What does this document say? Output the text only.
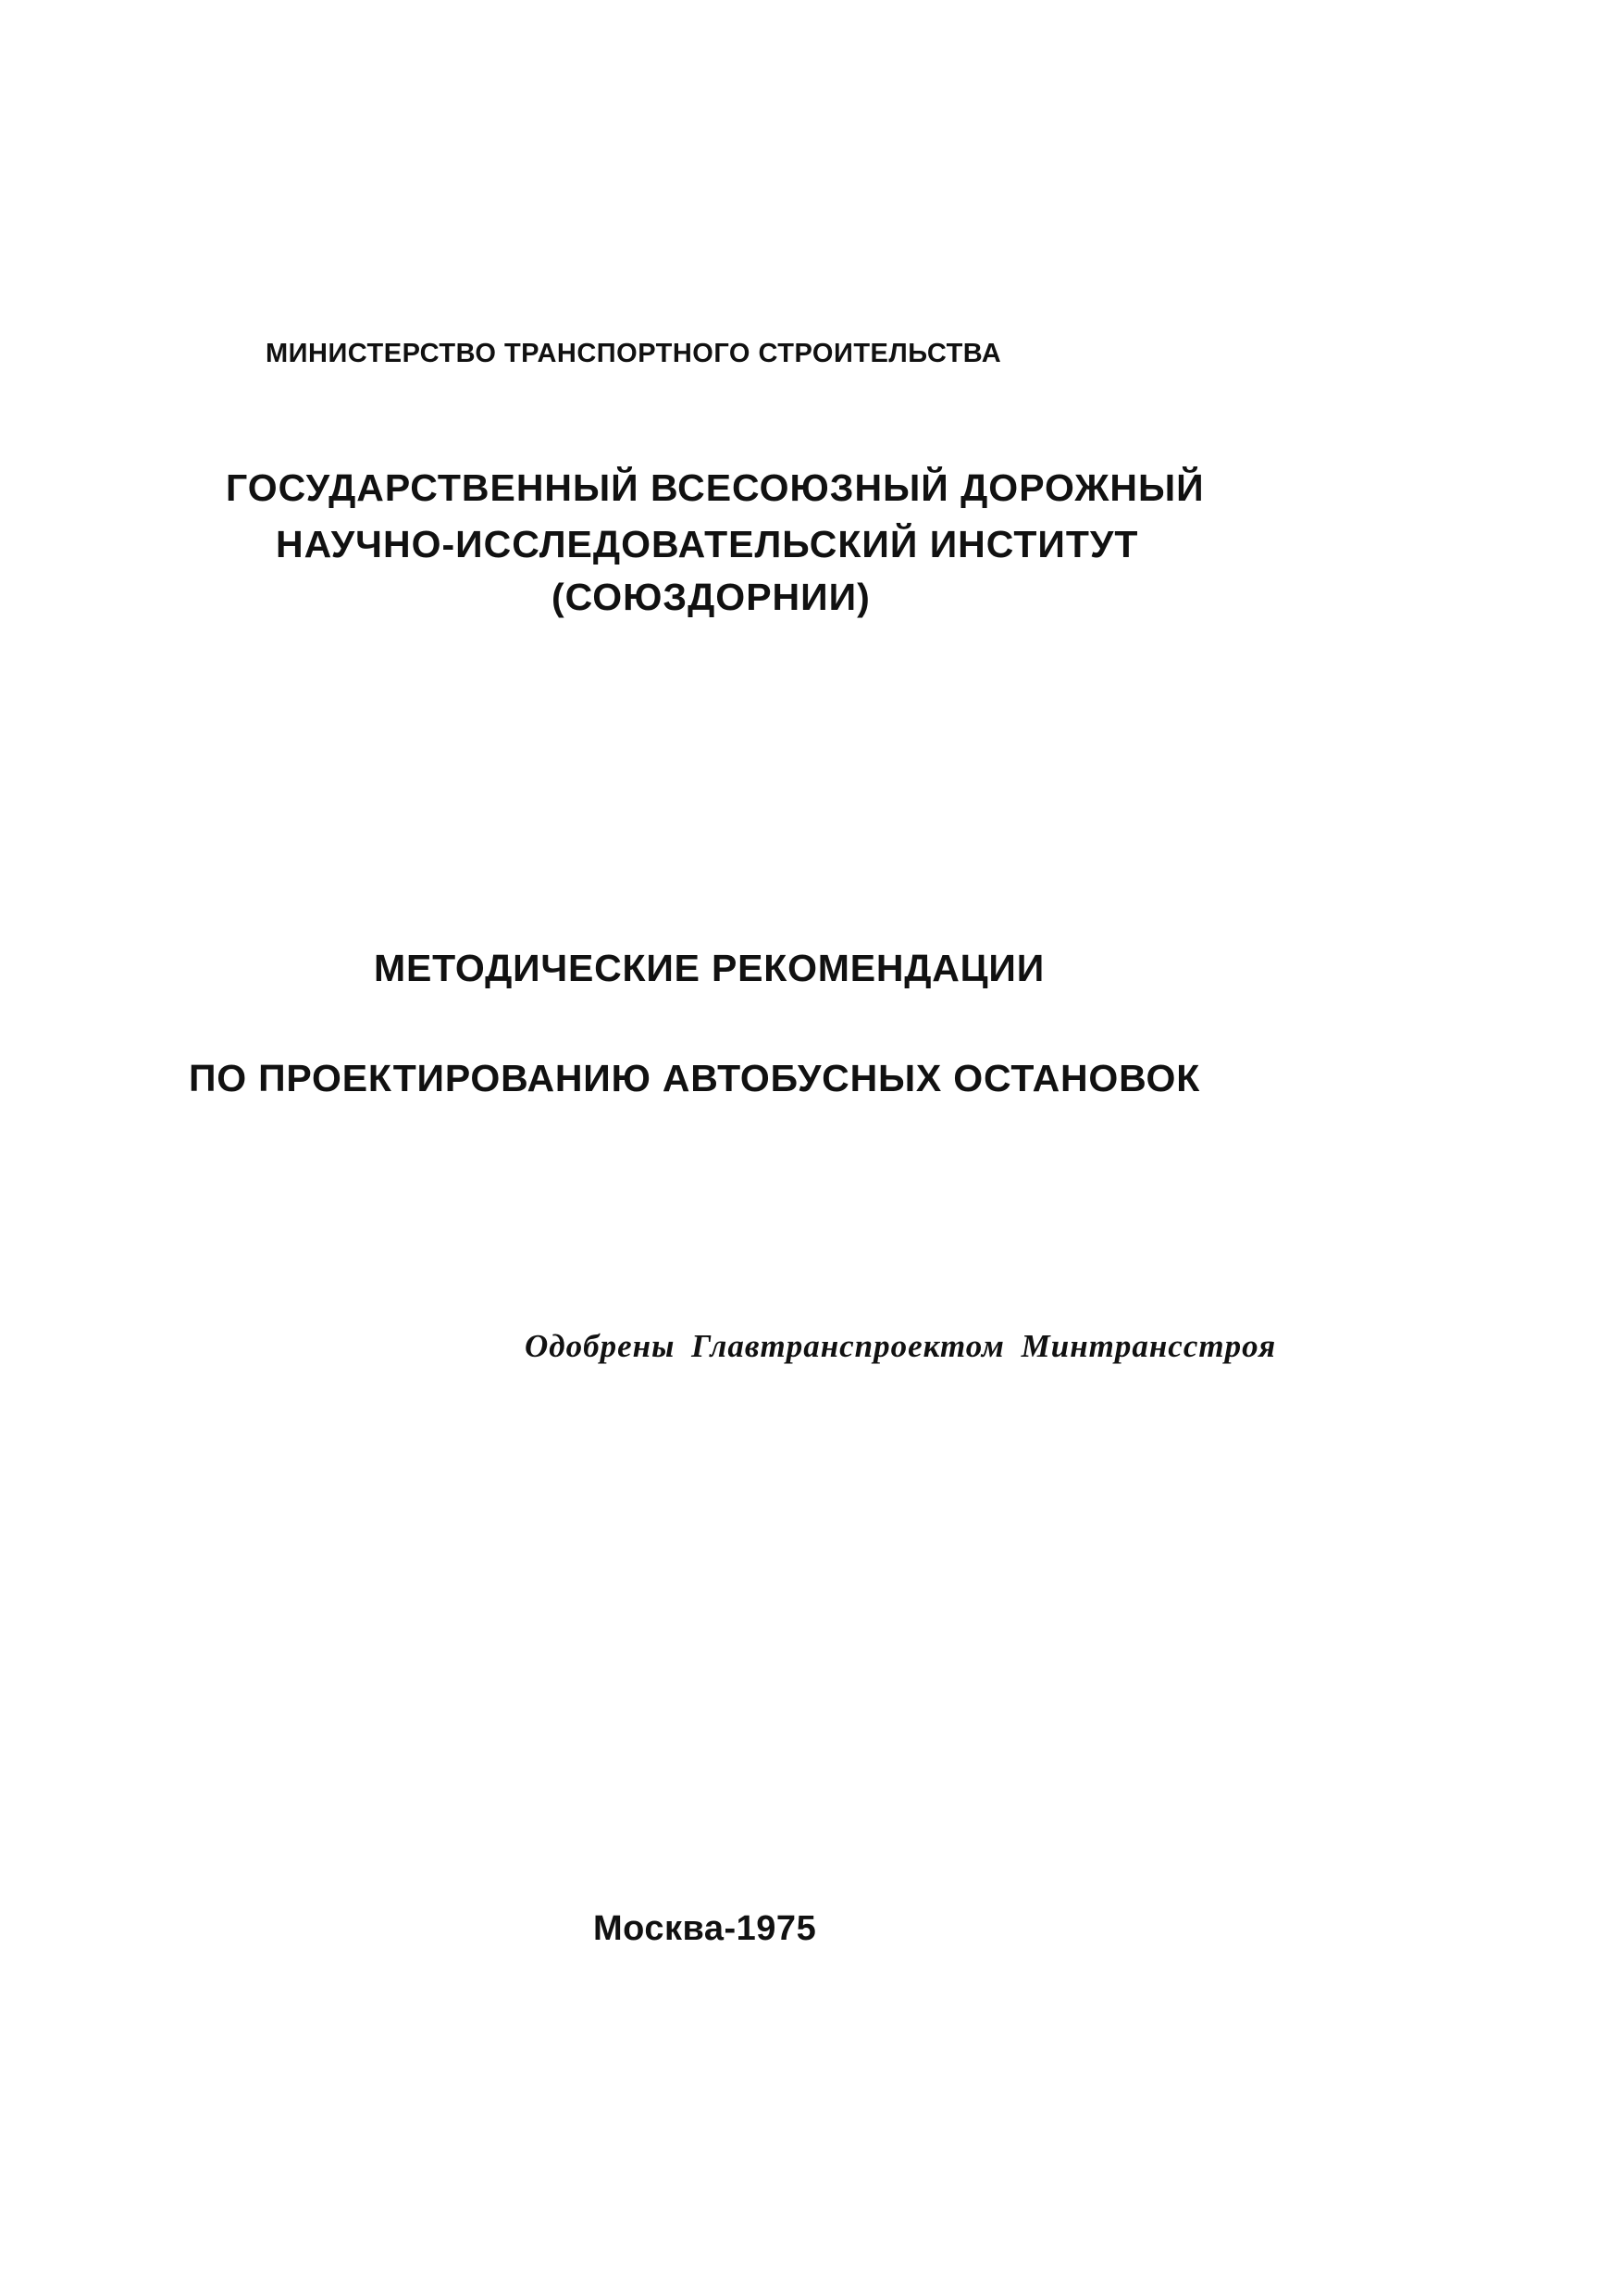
МИНИСТЕРСТВО ТРАНСПОРТНОГО СТРОИТЕЛЬСТВА
ГОСУДАРСТВЕННЫЙ ВСЕСОЮЗНЫЙ ДОРОЖНЫЙ
НАУЧНО-ИССЛЕДОВАТЕЛЬСКИЙ ИНСТИТУТ
(СОЮЗДОРНИИ)
МЕТОДИЧЕСКИЕ РЕКОМЕНДАЦИИ
ПО ПРОЕКТИРОВАНИЮ АВТОБУСНЫХ ОСТАНОВОК
Одобрены Главтранспроектом Минтрансстроя
Москва-1975
